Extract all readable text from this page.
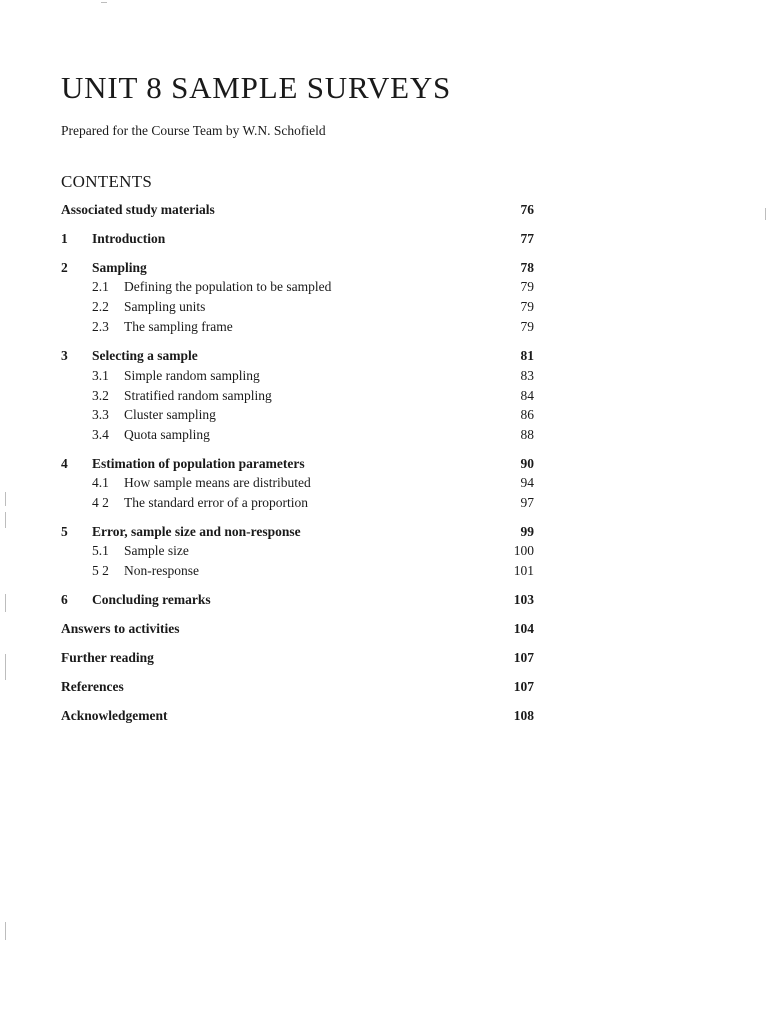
UNIT 8 SAMPLE SURVEYS
Prepared for the Course Team by W.N. Schofield
CONTENTS
Associated study materials	76
1 Introduction	77
2 Sampling	78
2.1 Defining the population to be sampled	79
2.2 Sampling units	79
2.3 The sampling frame	79
3 Selecting a sample	81
3.1 Simple random sampling	83
3.2 Stratified random sampling	84
3.3 Cluster sampling	86
3.4 Quota sampling	88
4 Estimation of population parameters	90
4.1 How sample means are distributed	94
4 2 The standard error of a proportion	97
5 Error, sample size and non-response	99
5.1 Sample size	100
5 2 Non-response	101
6 Concluding remarks	103
Answers to activities	104
Further reading	107
References	107
Acknowledgement	108
